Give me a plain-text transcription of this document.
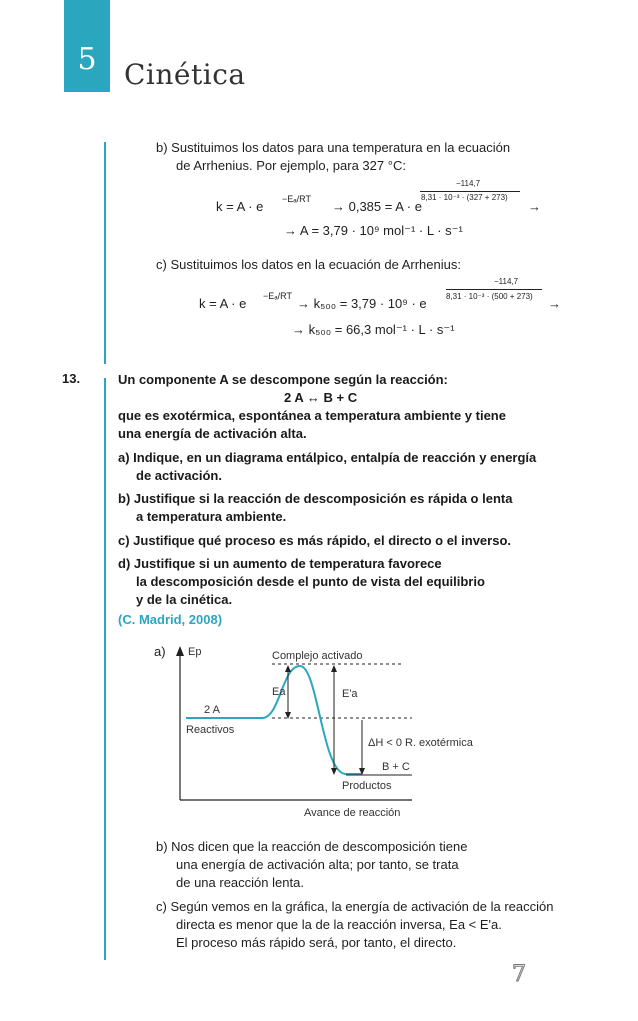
5 Cinética
b) Sustituimos los datos para una temperatura en la ecuación
de Arrhenius. Por ejemplo, para 327 °C:
k = A · e −Eₐ/RT → 0,385 = A · e
−114,7
8,31 · 10⁻³ · (327 + 273)
→
→ A = 3,79 · 10⁹ mol⁻¹ · L · s⁻¹
c) Sustituimos los datos en la ecuación de Arrhenius:
k = A · e −Eₐ/RT → k₅₀₀ = 3,79 · 10⁹ · e
−114,7
8,31 · 10⁻³ · (500 + 273) →
→ k₅₀₀ = 66,3 mol⁻¹ · L · s⁻¹
13.	Un componente A se descompone según la reacción:
2 A ↔ B + C
que es exotérmica, espontánea a temperatura ambiente y tiene
una energía de activación alta.
a) Indique, en un diagrama entálpico, entalpía de reacción y energía
de activación.
b) Justifique si la reacción de descomposición es rápida o lenta
a temperatura ambiente.
c) Justifique qué proceso es más rápido, el directo o el inverso.
d) Justifique si un aumento de temperatura favorece
la descomposición desde el punto de vista del equilibrio
y de la cinética.
(C. Madrid, 2008)
a) Ep	Complejo activado
Ea	E'a
2 A
Reactivos
ΔH < 0 R. exotérmica
B + C
Productos
Avance de reacción
b) Nos dicen que la reacción de descomposición tiene
una energía de activación alta; por tanto, se trata
de una reacción lenta.
c) Según vemos en la gráfica, la energía de activación de la reacción
directa es menor que la de la reacción inversa, Ea < E'a.
El proceso más rápido será, por tanto, el directo.
7
